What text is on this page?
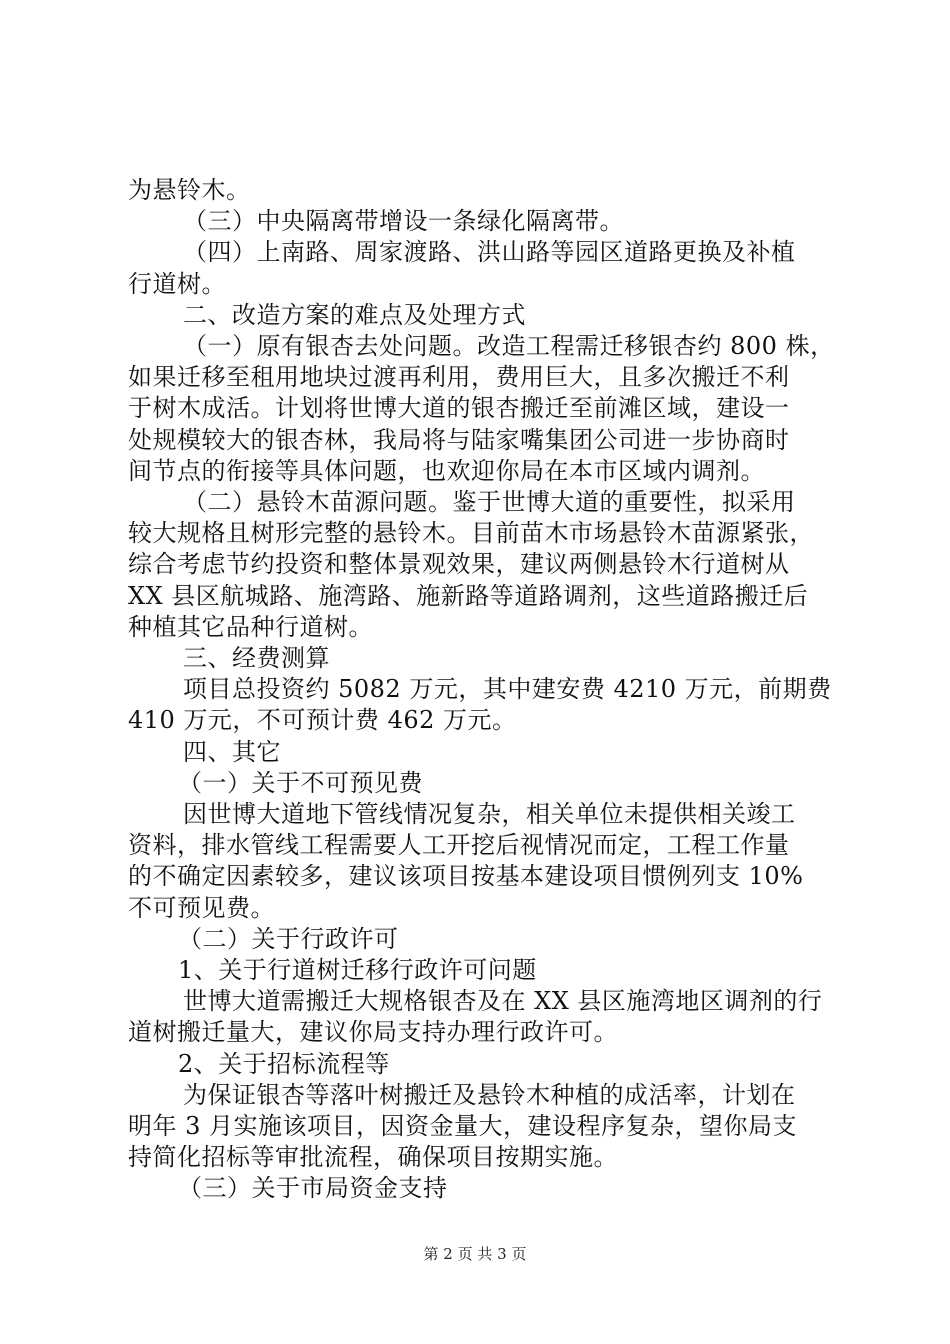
为悬铃木。
（三）中央隔离带增设一条绿化隔离带。
（四）上南路、周家渡路、洪山路等园区道路更换及补植
行道树。
二、改造方案的难点及处理方式
（一）原有银杏去处问题。改造工程需迁移银杏约 800 株，
如果迁移至租用地块过渡再利用，费用巨大，且多次搬迁不利
于树木成活。计划将世博大道的银杏搬迁至前滩区域，建设一
处规模较大的银杏林，我局将与陆家嘴集团公司进一步协商时
间节点的衔接等具体问题，也欢迎你局在本市区域内调剂。
（二）悬铃木苗源问题。鉴于世博大道的重要性，拟采用
较大规格且树形完整的悬铃木。目前苗木市场悬铃木苗源紧张，
综合考虑节约投资和整体景观效果，建议两侧悬铃木行道树从
XX 县区航城路、施湾路、施新路等道路调剂，这些道路搬迁后
种植其它品种行道树。
三、经费测算
项目总投资约 5082 万元，其中建安费 4210 万元，前期费
410 万元，不可预计费 462 万元。
四、其它
（一）关于不可预见费
因世博大道地下管线情况复杂，相关单位未提供相关竣工
资料，排水管线工程需要人工开挖后视情况而定，工程工作量
的不确定因素较多，建议该项目按基本建设项目惯例列支 10%
不可预见费。
（二）关于行政许可
1、关于行道树迁移行政许可问题
世博大道需搬迁大规格银杏及在 XX 县区施湾地区调剂的行
道树搬迁量大，建议你局支持办理行政许可。
2、关于招标流程等
为保证银杏等落叶树搬迁及悬铃木种植的成活率，计划在
明年 3 月实施该项目，因资金量大，建设程序复杂，望你局支
持简化招标等审批流程，确保项目按期实施。
（三）关于市局资金支持
第 2 页 共 3 页
